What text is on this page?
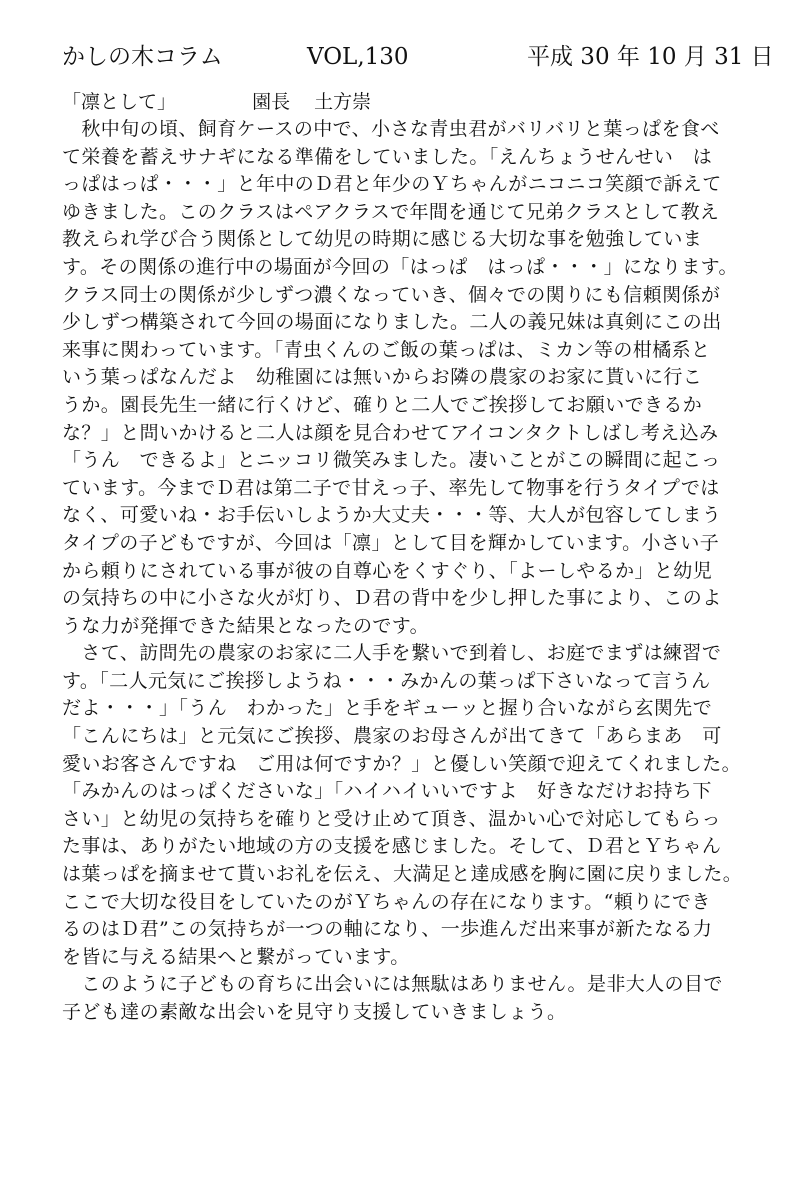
かしの木コラム	VOL,130	平成 30 年 10 月 31 日
「凛として」	園長 土方崇
　秋中旬の頃、飼育ケースの中で、小さな青虫君がバリバリと葉っぱを食べ
て栄養を蓄えサナギになる準備をしていました。「えんちょうせんせい　は
っぱはっぱ・・・」と年中のＤ君と年少のＹちゃんがニコニコ笑顔で訴えて
ゆきました。このクラスはペアクラスで年間を通じて兄弟クラスとして教え
教えられ学び合う関係として幼児の時期に感じる大切な事を勉強していま
す。その関係の進行中の場面が今回の「はっぱ　はっぱ・・・」になります。
クラス同士の関係が少しずつ濃くなっていき、個々での関りにも信頼関係が
少しずつ構築されて今回の場面になりました。二人の義兄妹は真剣にこの出
来事に関わっています。「青虫くんのご飯の葉っぱは、ミカン等の柑橘系と
いう葉っぱなんだよ　幼稚園には無いからお隣の農家のお家に貰いに行こ
うか。園長先生一緒に行くけど、確りと二人でご挨拶してお願いできるか
な？」と問いかけると二人は顔を見合わせてアイコンタクトしばし考え込み
「うん　できるよ」とニッコリ微笑みました。凄いことがこの瞬間に起こっ
ています。今までＤ君は第二子で甘えっ子、率先して物事を行うタイプでは
なく、可愛いね・お手伝いしようか大丈夫・・・等、大人が包容してしまう
タイプの子どもですが、今回は「凛」として目を輝かしています。小さい子
から頼りにされている事が彼の自尊心をくすぐり、「よーしやるか」と幼児
の気持ちの中に小さな火が灯り、Ｄ君の背中を少し押した事により、このよ
うな力が発揮できた結果となったのです。
　さて、訪問先の農家のお家に二人手を繋いで到着し、お庭でまずは練習で
す。「二人元気にご挨拶しようね・・・みかんの葉っぱ下さいなって言うん
だよ・・・」「うん　わかった」と手をギューッと握り合いながら玄関先で
「こんにちは」と元気にご挨拶、農家のお母さんが出てきて「あらまあ　可
愛いお客さんですね　ご用は何ですか？」と優しい笑顔で迎えてくれました。
「みかんのはっぱくださいな」「ハイハイいいですよ　好きなだけお持ち下
さい」と幼児の気持ちを確りと受け止めて頂き、温かい心で対応してもらっ
た事は、ありがたい地域の方の支援を感じました。そして、Ｄ君とＹちゃん
は葉っぱを摘ませて貰いお礼を伝え、大満足と達成感を胸に園に戻りました。
ここで大切な役目をしていたのがＹちゃんの存在になります。“頼りにでき
るのはＤ君”この気持ちが一つの軸になり、一歩進んだ出来事が新たなる力
を皆に与える結果へと繋がっています。
　このように子どもの育ちに出会いには無駄はありません。是非大人の目で
子ども達の素敵な出会いを見守り支援していきましょう。
